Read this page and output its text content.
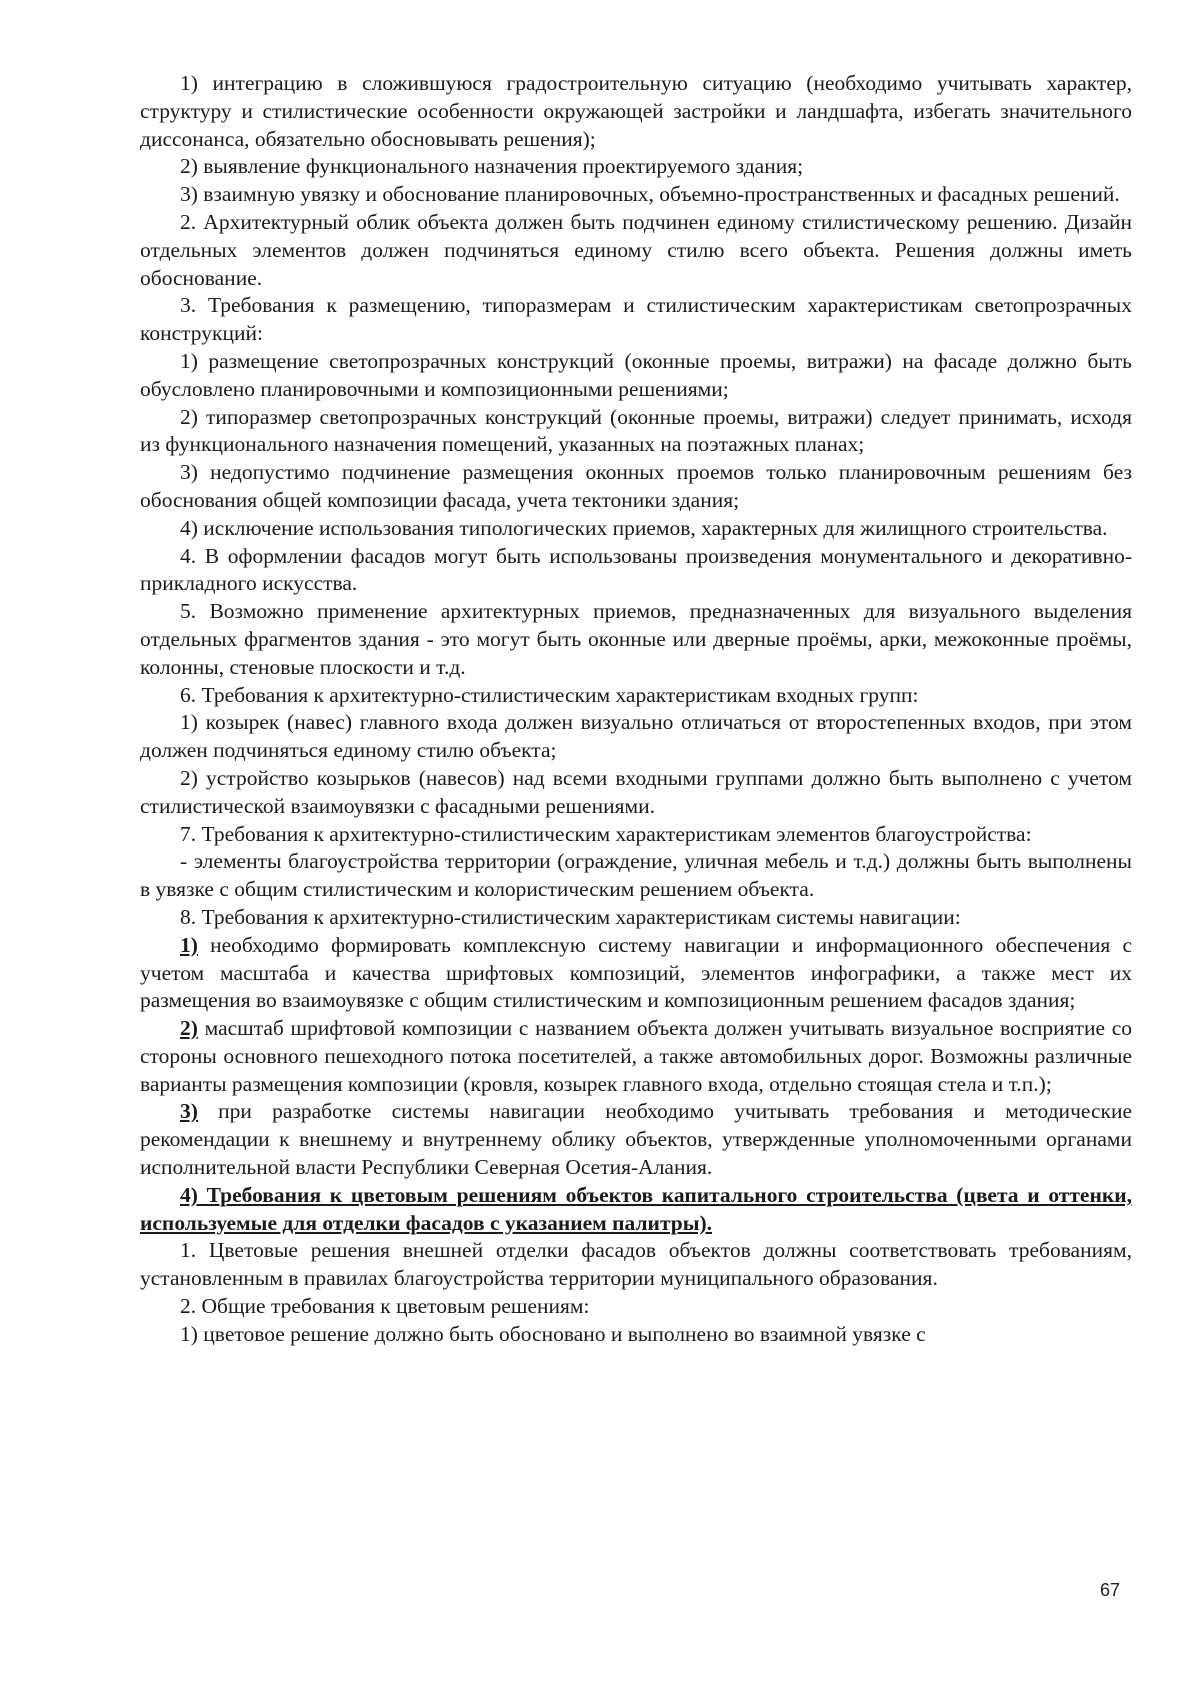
1) интеграцию в сложившуюся градостроительную ситуацию (необходимо учитывать характер, структуру и стилистические особенности окружающей застройки и ландшафта, избегать значительного диссонанса, обязательно обосновывать решения);

2) выявление функционального назначения проектируемого здания;

3) взаимную увязку и обоснование планировочных, объемно-пространственных и фасадных решений.

2. Архитектурный облик объекта должен быть подчинен единому стилистическому решению. Дизайн отдельных элементов должен подчиняться единому стилю всего объекта. Решения должны иметь обоснование.

3. Требования к размещению, типоразмерам и стилистическим характеристикам светопрозрачных конструкций:

1) размещение светопрозрачных конструкций (оконные проемы, витражи) на фасаде должно быть обусловлено планировочными и композиционными решениями;

2) типоразмер светопрозрачных конструкций (оконные проемы, витражи) следует принимать, исходя из функционального назначения помещений, указанных на поэтажных планах;

3) недопустимо подчинение размещения оконных проемов только планировочным решениям без обоснования общей композиции фасада, учета тектоники здания;

4) исключение использования типологических приемов, характерных для жилищного строительства.

4. В оформлении фасадов могут быть использованы произведения монументального и декоративно-прикладного искусства.

5. Возможно применение архитектурных приемов, предназначенных для визуального выделения отдельных фрагментов здания - это могут быть оконные или дверные проёмы, арки, межоконные проёмы, колонны, стеновые плоскости и т.д.

6. Требования к архитектурно-стилистическим характеристикам входных групп:

1) козырек (навес) главного входа должен визуально отличаться от второстепенных входов, при этом должен подчиняться единому стилю объекта;

2) устройство козырьков (навесов) над всеми входными группами должно быть выполнено с учетом стилистической взаимоувязки с фасадными решениями.

7. Требования к архитектурно-стилистическим характеристикам элементов благоустройства:

- элементы благоустройства территории (ограждение, уличная мебель и т.д.) должны быть выполнены в увязке с общим стилистическим и колористическим решением объекта.

8. Требования к архитектурно-стилистическим характеристикам системы навигации:

1) необходимо формировать комплексную систему навигации и информационного обеспечения с учетом масштаба и качества шрифтовых композиций, элементов инфографики, а также мест их размещения во взаимоувязке с общим стилистическим и композиционным решением фасадов здания;

2) масштаб шрифтовой композиции с названием объекта должен учитывать визуальное восприятие со стороны основного пешеходного потока посетителей, а также автомобильных дорог. Возможны различные варианты размещения композиции (кровля, козырек главного входа, отдельно стоящая стела и т.п.);

3) при разработке системы навигации необходимо учитывать требования и методические рекомендации к внешнему и внутреннему облику объектов, утвержденные уполномоченными органами исполнительной власти Республики Северная Осетия-Алания.

4) Требования к цветовым решениям объектов капитального строительства (цвета и оттенки, используемые для отделки фасадов с указанием палитры).

1. Цветовые решения внешней отделки фасадов объектов должны соответствовать требованиям, установленным в правилах благоустройства территории муниципального образования.

2. Общие требования к цветовым решениям:

1) цветовое решение должно быть обосновано и выполнено во взаимной увязке с

67
